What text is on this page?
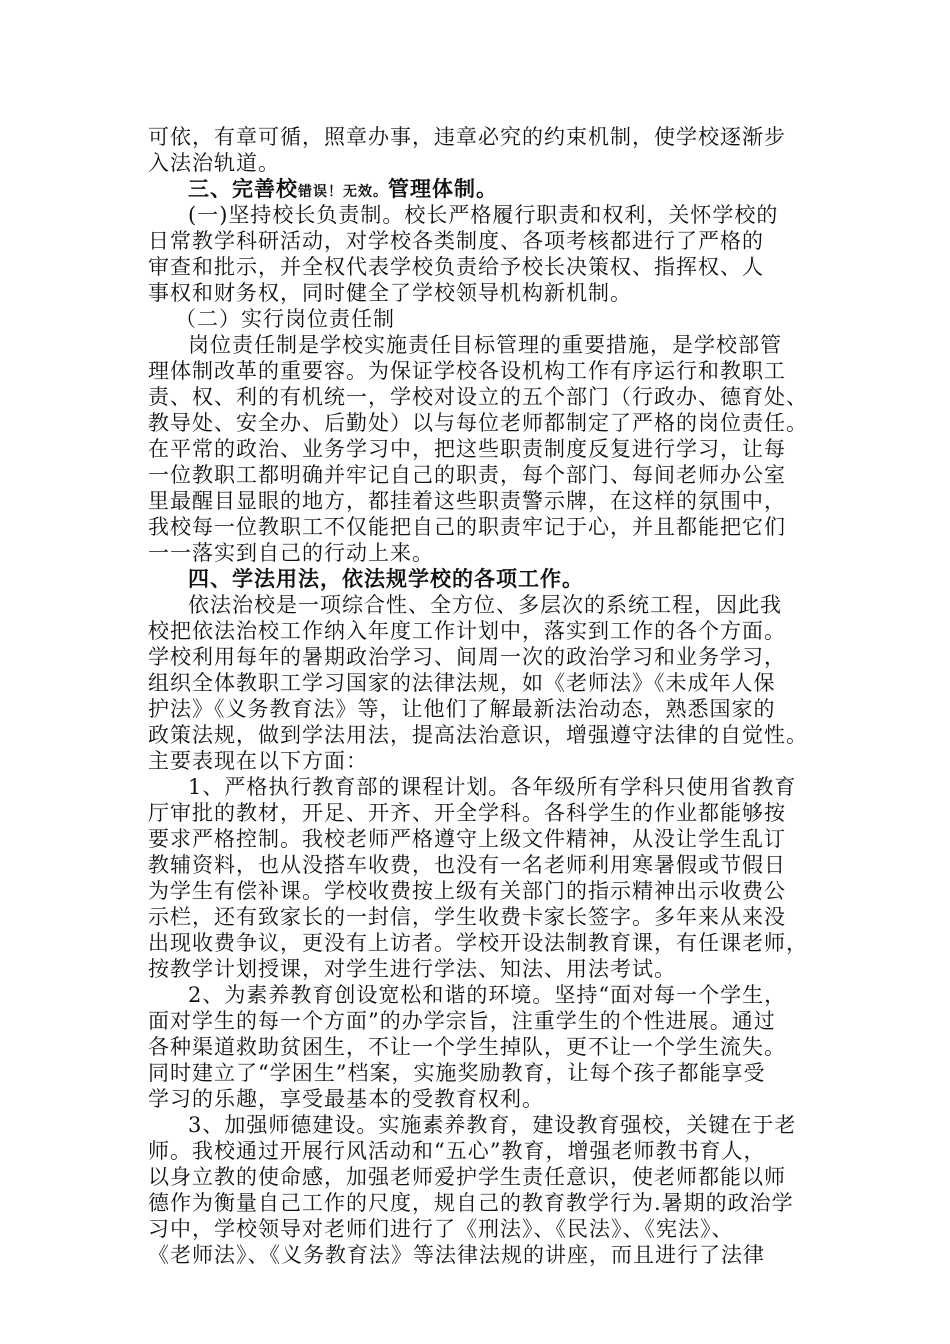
可依，有章可循，照章办事，违章必究的约束机制，使学校逐渐步
入法治轨道。
三、完善校错误！无效。管理体制。
(一)坚持校长负责制。校长严格履行职责和权利，关怀学校的
日常教学科研活动，对学校各类制度、各项考核都进行了严格的
审查和批示，并全权代表学校负责给予校长决策权、指挥权、人
事权和财务权，同时健全了学校领导机构新机制。
（二）实行岗位责任制
岗位责任制是学校实施责任目标管理的重要措施，是学校部管
理体制改革的重要容。为保证学校各设机构工作有序运行和教职工
责、权、利的有机统一，学校对设立的五个部门（行政办、德育处、
教导处、安全办、后勤处）以与每位老师都制定了严格的岗位责任。
在平常的政治、业务学习中，把这些职责制度反复进行学习，让每
一位教职工都明确并牢记自己的职责，每个部门、每间老师办公室
里最醒目显眼的地方，都挂着这些职责警示牌，在这样的氛围中，
我校每一位教职工不仅能把自己的职责牢记于心，并且都能把它们
一一落实到自己的行动上来。
四、学法用法，依法规学校的各项工作。
依法治校是一项综合性、全方位、多层次的系统工程，因此我
校把依法治校工作纳入年度工作计划中，落实到工作的各个方面。
学校利用每年的暑期政治学习、间周一次的政治学习和业务学习，
组织全体教职工学习国家的法律法规，如《老师法》《未成年人保
护法》《义务教育法》等，让他们了解最新法治动态，熟悉国家的
政策法规，做到学法用法，提高法治意识，增强遵守法律的自觉性。
主要表现在以下方面：
1、严格执行教育部的课程计划。各年级所有学科只使用省教育
厅审批的教材，开足、开齐、开全学科。各科学生的作业都能够按
要求严格控制。我校老师严格遵守上级文件精神，从没让学生乱订
教辅资料，也从没搭车收费，也没有一名老师利用寒暑假或节假日
为学生有偿补课。学校收费按上级有关部门的指示精神出示收费公
示栏，还有致家长的一封信，学生收费卡家长签字。多年来从来没
出现收费争议，更没有上访者。学校开设法制教育课，有任课老师，
按教学计划授课，对学生进行学法、知法、用法考试。
2、为素养教育创设宽松和谐的环境。坚持“面对每一个学生，
面对学生的每一个方面”的办学宗旨，注重学生的个性进展。通过
各种渠道救助贫困生，不让一个学生掉队，更不让一个学生流失。
同时建立了“学困生”档案，实施奖励教育，让每个孩子都能享受
学习的乐趣，享受最基本的受教育权利。
3、加强师德建设。实施素养教育，建设教育强校，关键在于老
师。我校通过开展行风活动和“五心”教育，增强老师教书育人，
以身立教的使命感，加强老师爱护学生责任意识，使老师都能以师
德作为衡量自己工作的尺度，规自己的教育教学行为.暑期的政治学
习中，学校领导对老师们进行了《刑法》、《民法》、《宪法》、
《老师法》、《义务教育法》等法律法规的讲座，而且进行了法律
